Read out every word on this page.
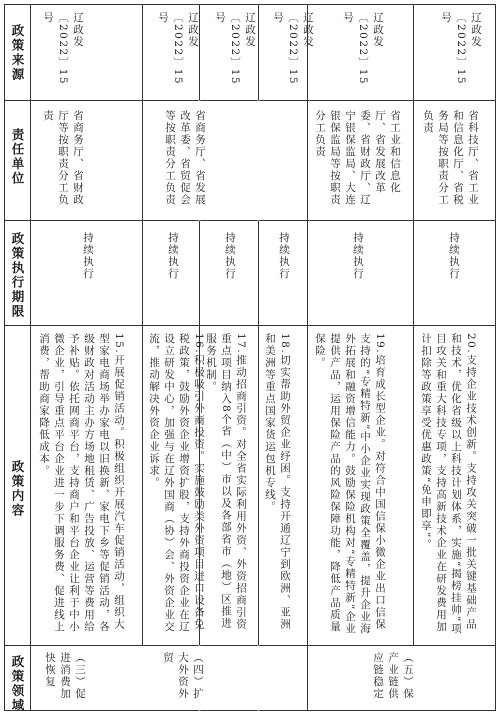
政策来源
责任单位
政策执行期限
政策内容
政策领域
辽政发〔2022〕15号
省商务厅、省财政厅等按职责分工负责
持续执行
15.开展促销活动。积极组织开展汽车促销活动，组织大型家电商场举办家电以旧换新、家电下乡等促销活动，各级财政对活动主办方场地租赁、广告投放、运营等费用给予补贴。依托网商平台，支持商户和平台企业让利于中小微企业，引导重点平台企业进一步下调服务费、促进线上消费，帮助商家降低成本。
（三）促进消费加快恢复
辽政发〔2022〕15号
省商务厅、省发展改革委、省贸促会等按职责分工负责
持续执行
16.积极吸引外商投资。实施鼓励类外资项目进口设备免税政策，鼓励外资企业增资扩股，支持外商投资企业在辽设立研发中心，加强与在辽外国商（协）会、外资企业交流，推动解决外资企业诉求。
（四）扩大外资外贸
辽政发〔2022〕15号
持续执行
17.推动招商引资。对全省实际利用外资、外资招商引资重点项目纳入8个省（中）市以及各部省市（地）区推进服务机制。
辽政发〔2022〕15号
持续执行
18.切实帮助外贸企业纾困。支持开通辽宁到欧洲、亚洲和美洲等重点国家货运包机专线。
辽政发〔2022〕15号
省工业和信息化厅、省发展改革委、省财政厅、辽宁银保监局、大连银保监局等按职责分工负责
持续执行
19.培育成长型企业。对符合中国信保小微企业出口信保支持的“专精特新”中小企业实现政策全覆盖，提升企业海外拓展和融资增信能力。鼓励保险机构对“专精特新”企业提供产品，运用保险产品的风险保障功能，降低产品质量保险。
（五）保产业链供应链稳定
辽政发〔2022〕15号
省科技厅、省工业和信息化厅、省税务局等按职责分工负责
持续执行
20.支持企业技术创新。支持攻关突破一批关键基础产品和技术，优化省级以上科技计划体系，实施“揭榜挂帅”项目攻关和重大科技专项，支持高新技术企业在研发费用加计扣除等政策享受优惠政策“免申即享”。
